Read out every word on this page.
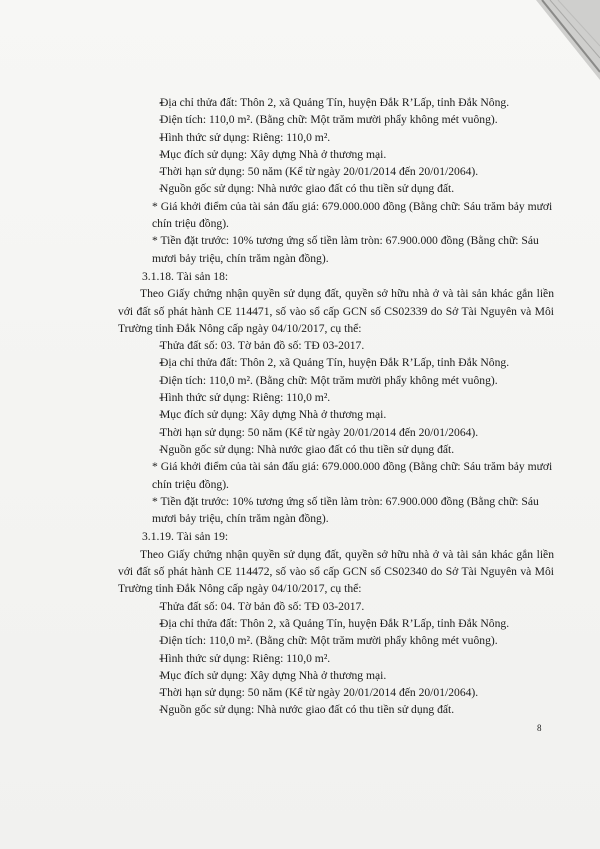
- Địa chỉ thửa đất: Thôn 2, xã Quảng Tín, huyện Đắk R’Lấp, tỉnh Đắk Nông.
- Diện tích: 110,0 m². (Bằng chữ: Một trăm mười phẩy không mét vuông).
- Hình thức sử dụng: Riêng: 110,0 m².
- Mục đích sử dụng: Xây dựng Nhà ở thương mại.
- Thời hạn sử dụng: 50 năm (Kể từ ngày 20/01/2014 đến 20/01/2064).
- Nguồn gốc sử dụng: Nhà nước giao đất có thu tiền sử dụng đất.
* Giá khởi điểm của tài sản đấu giá: 679.000.000 đồng (Bằng chữ: Sáu trăm bảy mươi chín triệu đồng).
* Tiền đặt trước: 10% tương ứng số tiền làm tròn: 67.900.000 đồng (Bằng chữ: Sáu mươi bảy triệu, chín trăm ngàn đồng).
3.1.18. Tài sản 18:
Theo Giấy chứng nhận quyền sử dụng đất, quyền sở hữu nhà ở và tài sản khác gắn liền với đất số phát hành CE 114471, số vào sổ cấp GCN số CS02339 do Sở Tài Nguyên và Môi Trường tỉnh Đắk Nông cấp ngày 04/10/2017, cụ thể:
- Thửa đất số: 03. Tờ bản đồ số: TĐ 03-2017.
- Địa chỉ thửa đất: Thôn 2, xã Quảng Tín, huyện Đắk R’Lấp, tỉnh Đắk Nông.
- Diện tích: 110,0 m². (Bằng chữ: Một trăm mười phẩy không mét vuông).
- Hình thức sử dụng: Riêng: 110,0 m².
- Mục đích sử dụng: Xây dựng Nhà ở thương mại.
- Thời hạn sử dụng: 50 năm (Kể từ ngày 20/01/2014 đến 20/01/2064).
- Nguồn gốc sử dụng: Nhà nước giao đất có thu tiền sử dụng đất.
* Giá khởi điểm của tài sản đấu giá: 679.000.000 đồng (Bằng chữ: Sáu trăm bảy mươi chín triệu đồng).
* Tiền đặt trước: 10% tương ứng số tiền làm tròn: 67.900.000 đồng (Bằng chữ: Sáu mươi bảy triệu, chín trăm ngàn đồng).
3.1.19. Tài sản 19:
Theo Giấy chứng nhận quyền sử dụng đất, quyền sở hữu nhà ở và tài sản khác gắn liền với đất số phát hành CE 114472, số vào sổ cấp GCN số CS02340 do Sở Tài Nguyên và Môi Trường tỉnh Đắk Nông cấp ngày 04/10/2017, cụ thể:
- Thửa đất số: 04. Tờ bản đồ số: TĐ 03-2017.
- Địa chỉ thửa đất: Thôn 2, xã Quảng Tín, huyện Đắk R’Lấp, tỉnh Đắk Nông.
- Diện tích: 110,0 m². (Bằng chữ: Một trăm mười phẩy không mét vuông).
- Hình thức sử dụng: Riêng: 110,0 m².
- Mục đích sử dụng: Xây dựng Nhà ở thương mại.
- Thời hạn sử dụng: 50 năm (Kể từ ngày 20/01/2014 đến 20/01/2064).
- Nguồn gốc sử dụng: Nhà nước giao đất có thu tiền sử dụng đất.
8
